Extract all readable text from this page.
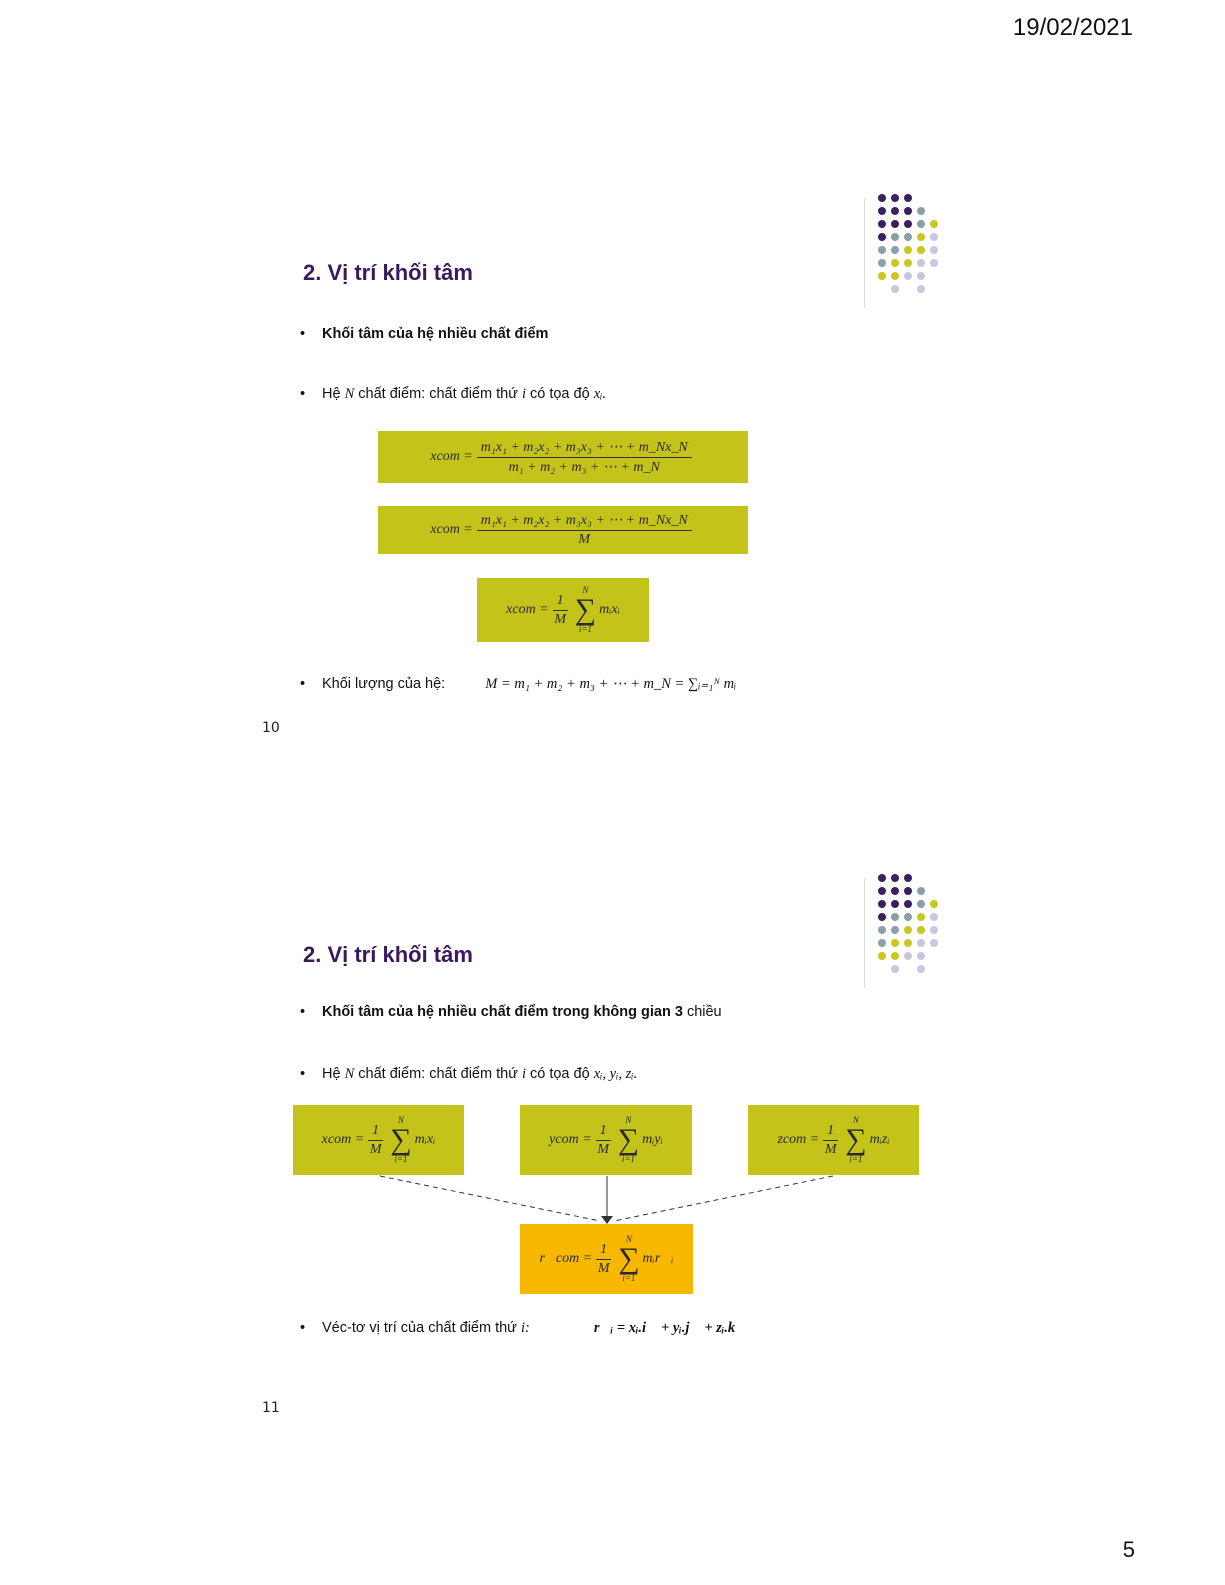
19/02/2021
2. Vị trí khối tâm
• Khối tâm của hệ nhiều chất điểm
• Hệ N chất điểm: chất điểm thứ i có tọa độ xᵢ.
xcom = $\frac{\text{m₁x₁ + m₂x₂ + m₃x₃ + ⋯ + m\_Nx\_N}}{\text{m₁ + m₂ + m₃ + ⋯ + m\_N}}$
xcom = $\frac{\text{m₁x₁ + m₂x₂ + m₃x₃ + ⋯ + m\_Nx\_N}}{M}$
xcom = $\frac{1}{M}$
N
∑
i=1
mᵢxᵢ
• Khối lượng của hệ:	M = m₁ + m₂ + m₃ + ⋯ + m_N = ∑ᵢ₌₁ᴺ mᵢ
10
2. Vị trí khối tâm
• Khối tâm của hệ nhiều chất điểm trong không gian 3 chiều
• Hệ N chất điểm: chất điểm thứ i có tọa độ xᵢ, yᵢ, zᵢ.
xcom = $\frac{1}{M}$
N
∑
i=1
mᵢxᵢ	ycom = $\frac{1}{M}$
N
∑
i=1
mᵢyᵢ	zcom = $\frac{1}{M}$
N
∑
i=1
mᵢzᵢ
r⃗com = $\frac{1}{M}$
N
∑
i=1
mᵢr⃗ᵢ
• Véc-tơ vị trí của chất điểm thứ i:	r⃗ᵢ = xᵢ.i⃗ + yᵢ.j⃗ + zᵢ.k⃗
11
5
